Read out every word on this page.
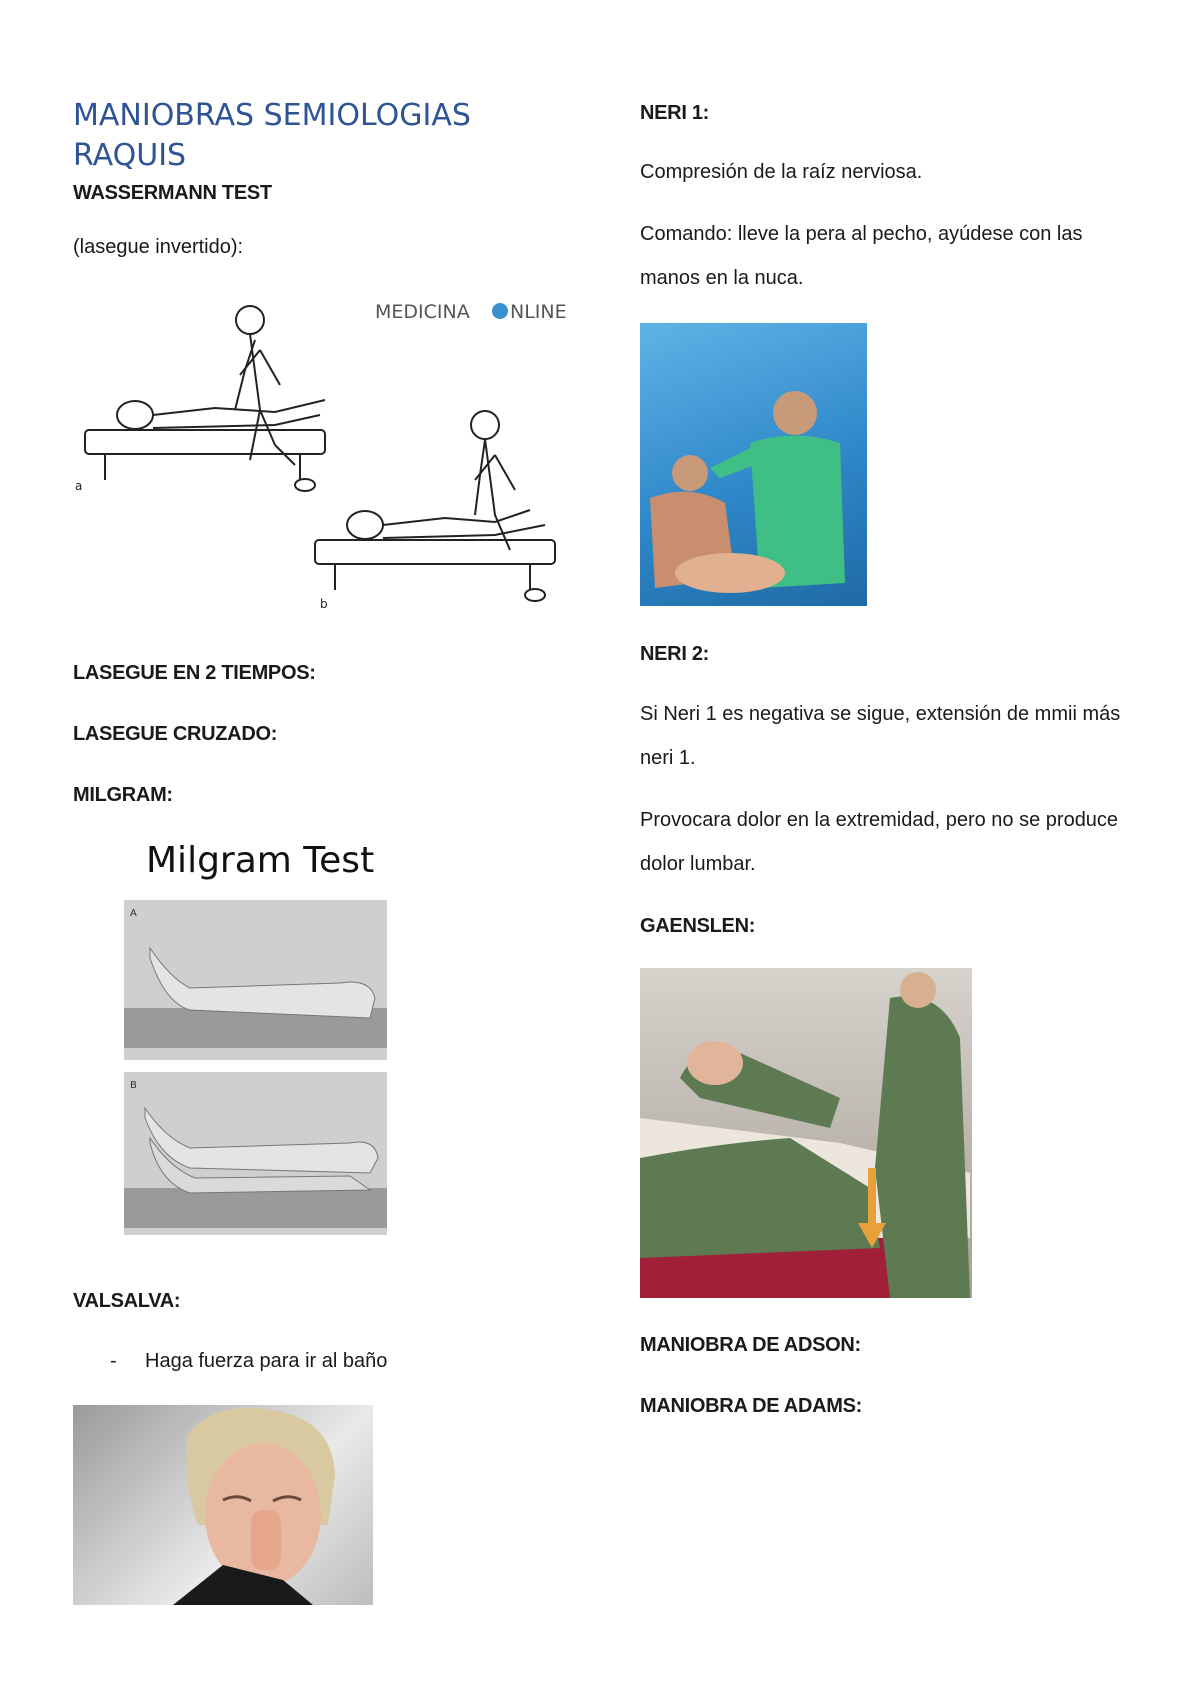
MANIOBRAS SEMIOLOGIAS RAQUIS

WASSERMANN TEST

(lasegue invertido):

MEDICINA NLINE
a
b

LASEGUE EN 2 TIEMPOS:

LASEGUE CRUZADO:

MILGRAM:

Milgram Test
A
B

VALSALVA:

- Haga fuerza para ir al baño

NERI 1:

Compresión de la raíz nerviosa.

Comando: lleve la pera al pecho, ayúdese con las manos en la nuca.

NERI 2:

Si Neri 1 es negativa se sigue, extensión de mmii más neri 1.

Provocara dolor en la extremidad, pero no se produce dolor lumbar.

GAENSLEN:

MANIOBRA DE ADSON:

MANIOBRA DE ADAMS:
